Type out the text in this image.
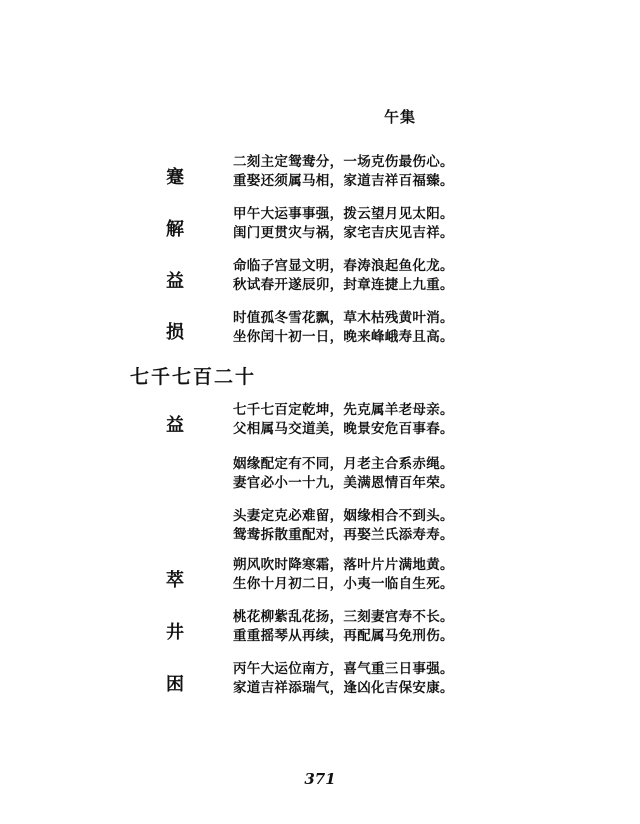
午集
蹇
二刻主定鸳鸯分，一场克伤最伤心。
重娶还须属马相，家道吉祥百福臻。
解
甲午大运事事强，拨云望月见太阳。
闺门更贯灾与祸，家宅吉庆见吉祥。
益
命临子宫显文明，春涛浪起鱼化龙。
秋试春开遂辰卯，封章连捷上九重。
损
时值孤冬雪花飘，草木枯残黄叶消。
坐你闰十初一日，晚来峰峨寿且高。
七千七百二十
益
七千七百定乾坤，先克属羊老母亲。
父相属马交道美，晚景安危百事春。
姻缘配定有不同，月老主合系赤绳。
妻官必小一十九，美满恩情百年荣。
头妻定克必难留，姻缘相合不到头。
鸳鸯拆散重配对，再娶兰氏添寿寿。
萃
朔风吹时降寒霜，落叶片片满地黄。
生你十月初二日，小夷一临自生死。
井
桃花柳紫乱花扬，三刻妻宫寿不长。
重重摇琴从再续，再配属马免刑伤。
困
丙午大运位南方，喜气重三日事强。
家道吉祥添瑞气，逢凶化吉保安康。
371
